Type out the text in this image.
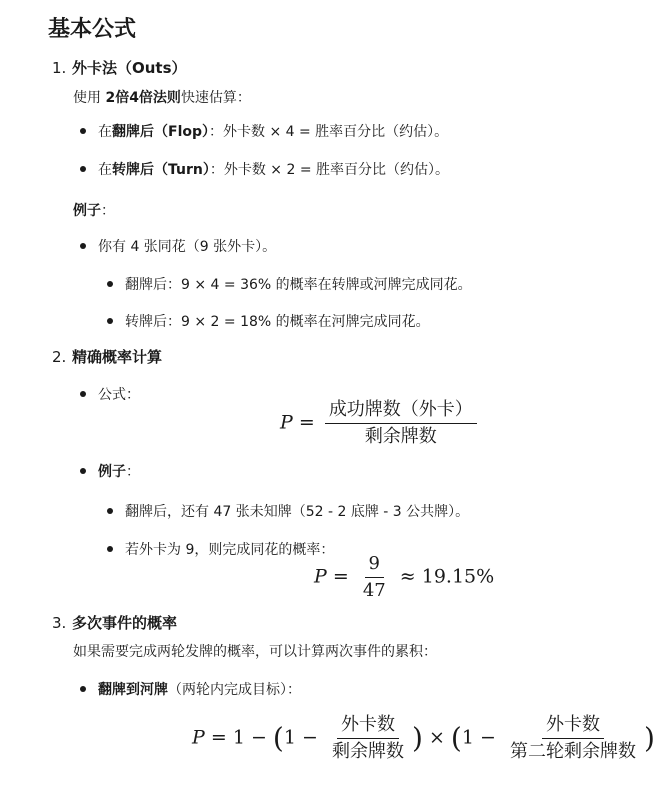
基本公式
1. 外卡法（Outs）
使用 2倍4倍法则快速估算：
在翻牌后（Flop）：外卡数 × 4 = 胜率百分比（约估）。
在转牌后（Turn）：外卡数 × 2 = 胜率百分比（约估）。
例子：
你有 4 张同花（9 张外卡）。
翻牌后：9 × 4 = 36% 的概率在转牌或河牌完成同花。
转牌后：9 × 2 = 18% 的概率在河牌完成同花。
2. 精确概率计算
公式：
$P = \frac{\text{成功牌数（外卡）}}{\text{剩余牌数}}$
例子：
翻牌后，还有 47 张未知牌（52 - 2 底牌 - 3 公共牌）。
若外卡为 9，则完成同花的概率：
$P = \frac{9}{47} \approx 19.15\%$
3. 多次事件的概率
如果需要完成两轮发牌的概率，可以计算两次事件的累积：
翻牌到河牌（两轮内完成目标）：
$P = 1 - (1 - \frac{\text{外卡数}}{\text{剩余牌数}}$ ) × ($1 - \frac{\text{外卡数}}{\text{第二轮剩余牌数}}$ )
